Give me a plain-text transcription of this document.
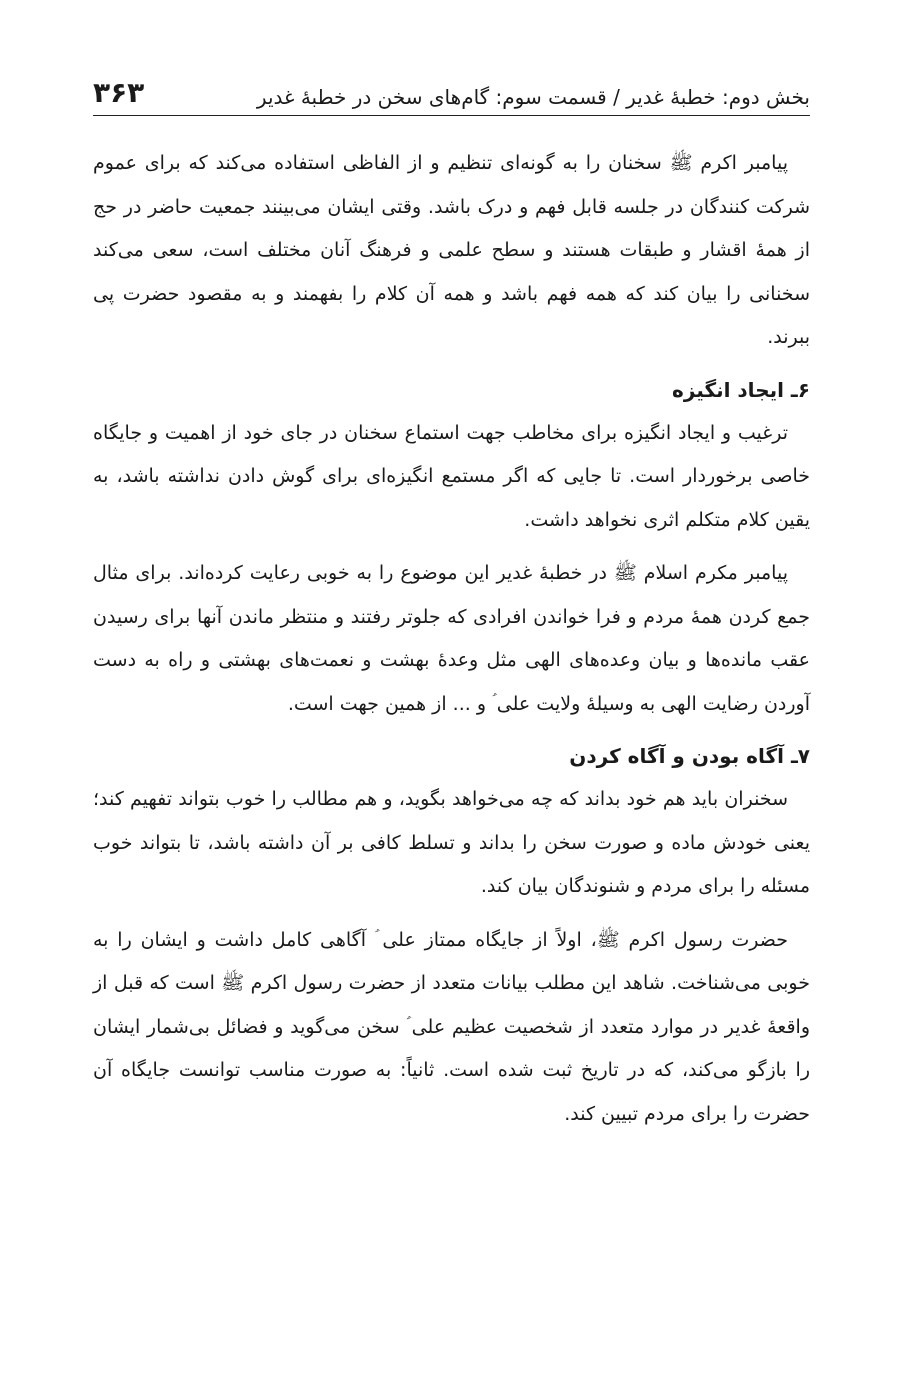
بخش دوم: خطبهٔ غدیر / قسمت سوم: گام‌های سخن در خطبهٔ غدیر
۳۶۳

پیامبر اکرم ﷺ سخنان را به گونه‌ای تنظیم و از الفاظی استفاده می‌کند که برای عموم شرکت کنندگان در جلسه قابل فهم و درک باشد. وقتی ایشان می‌بینند جمعیت حاضر در حج از همهٔ اقشار و طبقات هستند و سطح علمی و فرهنگ آنان مختلف است، سعی می‌کند سخنانی را بیان کند که همه فهم باشد و همه آن کلام را بفهمند و به مقصود حضرت پی ببرند.

۶ـ ایجاد انگیزه

ترغیب و ایجاد انگیزه برای مخاطب جهت استماع سخنان در جای خود از اهمیت و جایگاه خاصی برخوردار است. تا جایی که اگر مستمع انگیزه‌ای برای گوش دادن نداشته باشد، به یقین کلام متکلم اثری نخواهد داشت.

پیامبر مکرم اسلام ﷺ در خطبهٔ غدیر این موضوع را به خوبی رعایت کرده‌اند. برای مثال جمع کردن همهٔ مردم و فرا خواندن افرادی که جلوتر رفتند و منتظر ماندن آنها برای رسیدن عقب مانده‌ها و بیان وعده‌های الهی مثل وعدهٔ بهشت و نعمت‌های بهشتی و راه به دست آوردن رضایت الهی به وسیلهٔ ولایت علی ؑ و ... از همین جهت است.

۷ـ آگاه بودن و آگاه کردن

سخنران باید هم خود بداند که چه می‌خواهد بگوید، و هم مطالب را خوب بتواند تفهیم کند؛ یعنی خودش ماده و صورت سخن را بداند و تسلط کافی بر آن داشته باشد، تا بتواند خوب مسئله را برای مردم و شنوندگان بیان کند.

حضرت رسول اکرم ﷺ، اولاً از جایگاه ممتاز علی ؑ آگاهی کامل داشت و ایشان را به خوبی می‌شناخت. شاهد این مطلب بیانات متعدد از حضرت رسول اکرم ﷺ است که قبل از واقعهٔ غدیر در موارد متعدد از شخصیت عظیم علی ؑ سخن می‌گوید و فضائل بی‌شمار ایشان را بازگو می‌کند، که در تاریخ ثبت شده است. ثانیاً: به صورت مناسب توانست جایگاه آن حضرت را برای مردم تبیین کند.
